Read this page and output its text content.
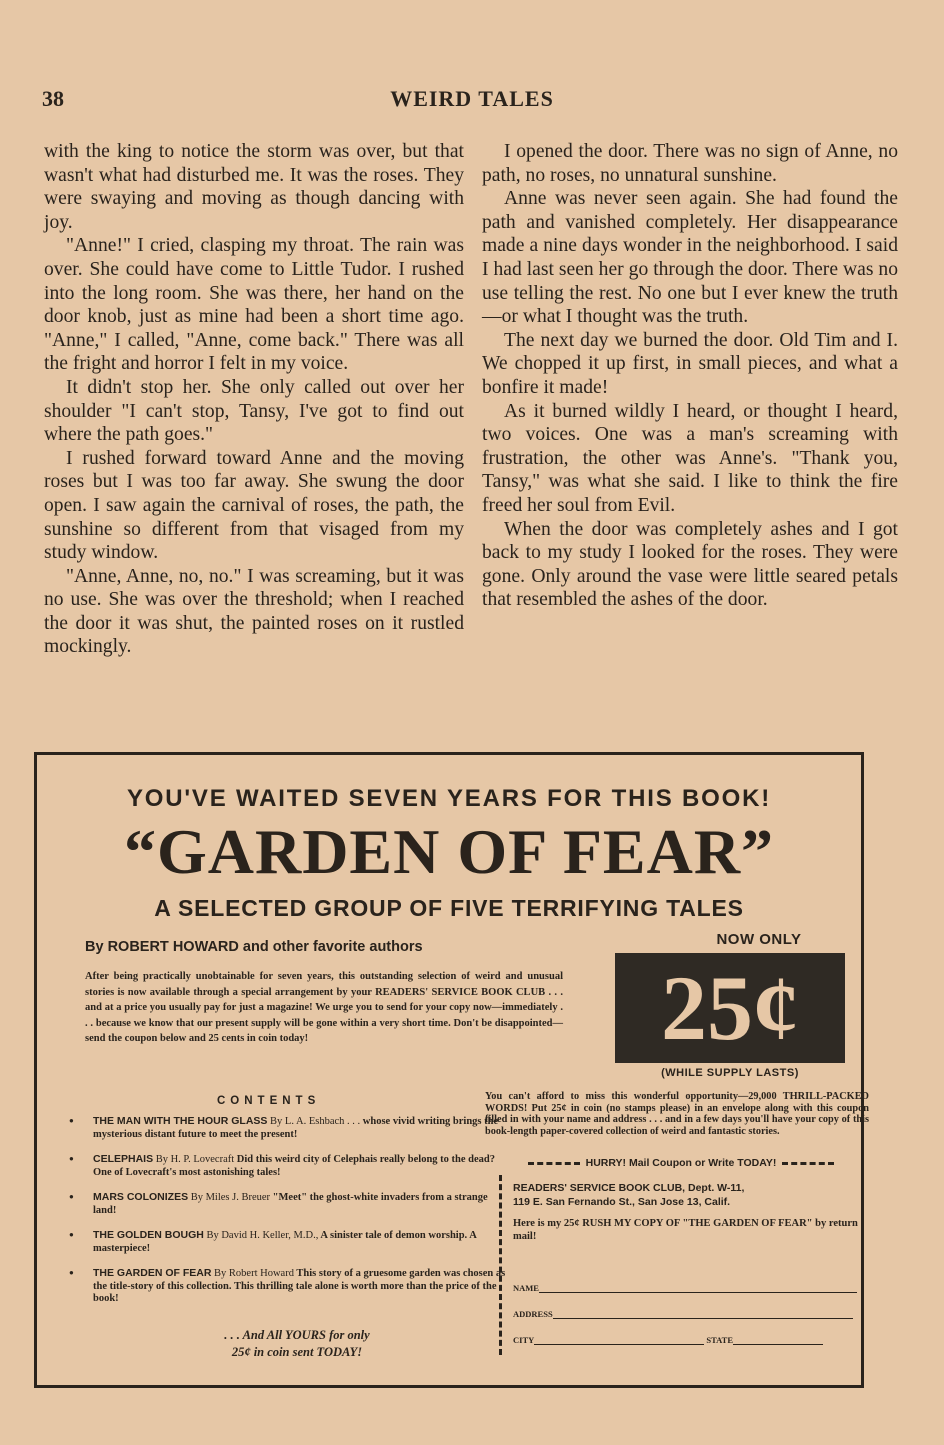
38	WEIRD TALES

with the king to notice the storm was over, but that wasn't what had disturbed me. It was the roses. They were swaying and moving as though dancing with joy.

"Anne!" I cried, clasping my throat. The rain was over. She could have come to Little Tudor. I rushed into the long room. She was there, her hand on the door knob, just as mine had been a short time ago. "Anne," I called, "Anne, come back." There was all the fright and horror I felt in my voice.

It didn't stop her. She only called out over her shoulder "I can't stop, Tansy, I've got to find out where the path goes."

I rushed forward toward Anne and the moving roses but I was too far away. She swung the door open. I saw again the carnival of roses, the path, the sunshine so different from that visaged from my study window.

"Anne, Anne, no, no." I was screaming, but it was no use. She was over the threshold; when I reached the door it was shut, the painted roses on it rustled mockingly.

I opened the door. There was no sign of Anne, no path, no roses, no unnatural sunshine.

Anne was never seen again. She had found the path and vanished completely. Her disappearance made a nine days wonder in the neighborhood. I said I had last seen her go through the door. There was no use telling the rest. No one but I ever knew the truth—or what I thought was the truth.

The next day we burned the door. Old Tim and I. We chopped it up first, in small pieces, and what a bonfire it made!

As it burned wildly I heard, or thought I heard, two voices. One was a man's screaming with frustration, the other was Anne's. "Thank you, Tansy," was what she said. I like to think the fire freed her soul from Evil.

When the door was completely ashes and I got back to my study I looked for the roses. They were gone. Only around the vase were little seared petals that resembled the ashes of the door.

YOU'VE WAITED SEVEN YEARS FOR THIS BOOK!
“GARDEN OF FEAR”
A SELECTED GROUP OF FIVE TERRIFYING TALES
By ROBERT HOWARD and other favorite authors
After being practically unobtainable for seven years, this outstanding selection of weird and unusual stories is now available through a special arrangement by your READERS' SERVICE BOOK CLUB . . . and at a price you usually pay for just a magazine! We urge you to send for your copy now—immediately . . . because we know that our present supply will be gone within a very short time. Don't be disappointed—send the coupon below and 25 cents in coin today!
NOW ONLY
25¢
(WHILE SUPPLY LASTS)
CONTENTS
● THE MAN WITH THE HOUR GLASS By L. A. Eshbach . . . whose vivid writing brings the mysterious distant future to meet the present!
● CELEPHAIS By H. P. Lovecraft Did this weird city of Celephais really belong to the dead? One of Lovecraft's most astonishing tales!
● MARS COLONIZES By Miles J. Breuer "Meet" the ghost-white invaders from a strange land!
● THE GOLDEN BOUGH By David H. Keller, M.D., A sinister tale of demon worship. A masterpiece!
● THE GARDEN OF FEAR By Robert Howard This story of a gruesome garden was chosen as the title-story of this collection. This thrilling tale alone is worth more than the price of the book!
. . . And All YOURS for only
25¢ in coin sent TODAY!
You can't afford to miss this wonderful opportunity—29,000 THRILL-PACKED WORDS! Put 25¢ in coin (no stamps please) in an envelope along with this coupon filled in with your name and address . . . and in a few days you'll have your copy of this book-length paper-covered collection of weird and fantastic stories.
HURRY! Mail Coupon or Write TODAY!
READERS' SERVICE BOOK CLUB, Dept. W-11,
119 E. San Fernando St., San Jose 13, Calif.
Here is my 25¢ RUSH MY COPY OF "THE GARDEN OF FEAR" by return mail!
NAME
ADDRESS
CITY	STATE
